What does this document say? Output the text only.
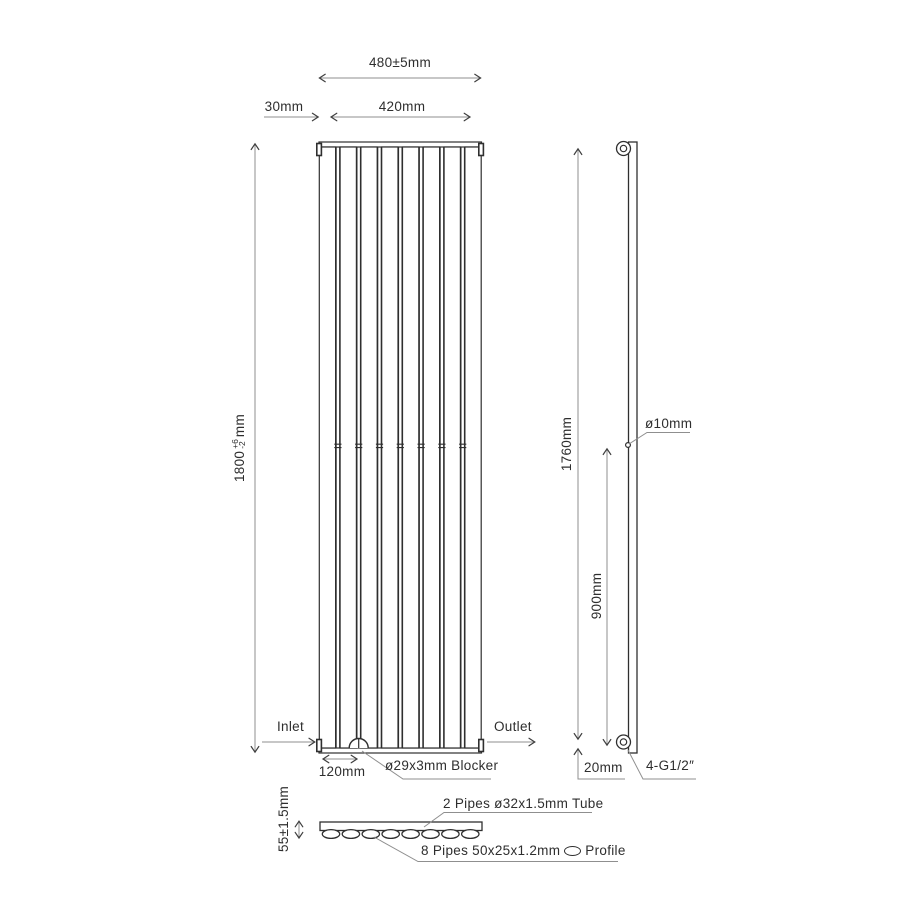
480±5mm
30mm	420mm
1800
+6
-2
mm	1760mm
900mm
ø10mm
20mm 4-G1/2″
Inlet	Outlet
120mm	ø29x3mm Blocker
55±1.5mm	2 Pipes ø32x1.5mm Tube
8 Pipes 50x25x1.2mm Profile
